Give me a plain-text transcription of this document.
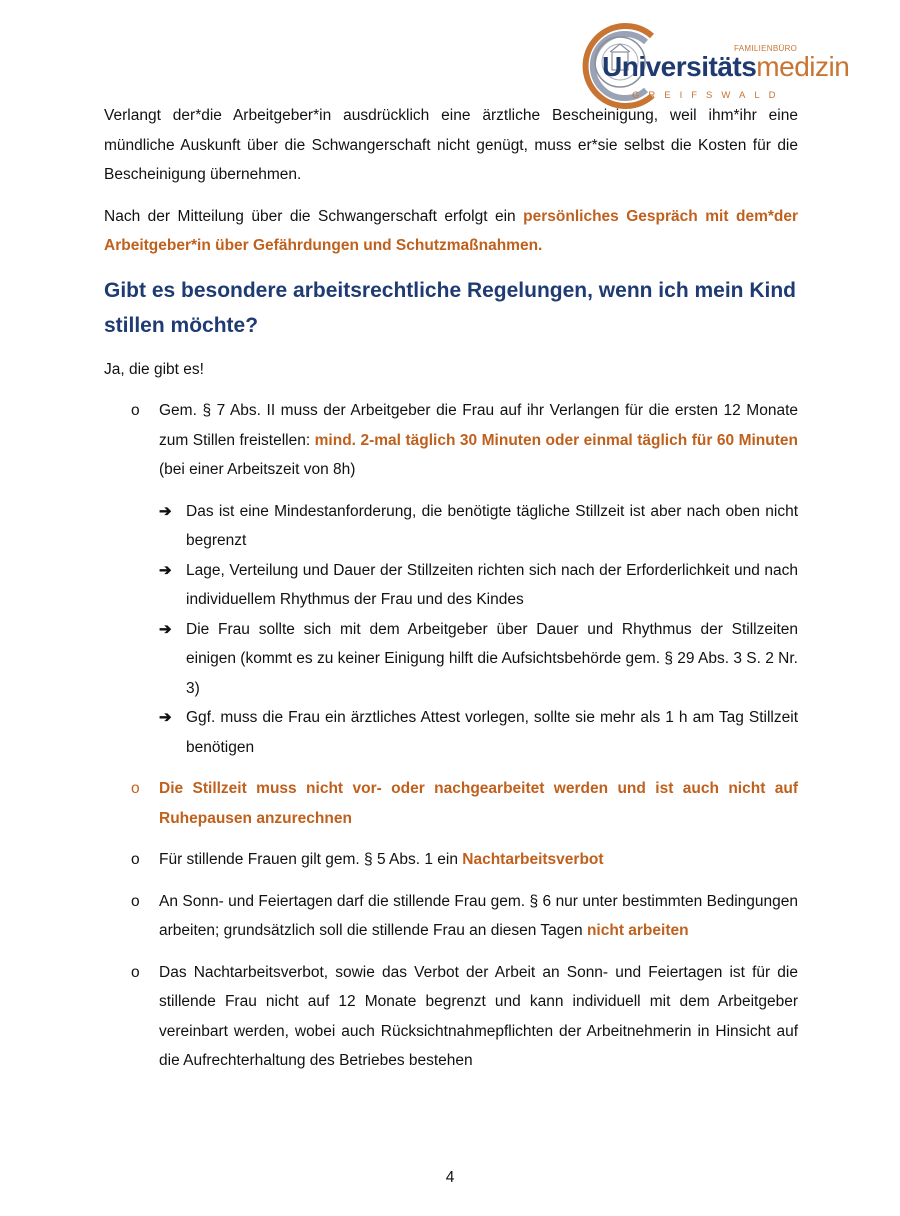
FAMILIENBÜRO
Universitätsmedizin
GREIFSWALD

Verlangt der*die Arbeitgeber*in ausdrücklich eine ärztliche Bescheinigung, weil ihm*ihr eine mündliche Auskunft über die Schwangerschaft nicht genügt, muss er*sie selbst die Kosten für die Bescheinigung übernehmen.

Nach der Mitteilung über die Schwangerschaft erfolgt ein persönliches Gespräch mit dem*der Arbeitgeber*in über Gefährdungen und Schutzmaßnahmen.

Gibt es besondere arbeitsrechtliche Regelungen, wenn ich mein Kind stillen möchte?

Ja, die gibt es!

o Gem. § 7 Abs. II muss der Arbeitgeber die Frau auf ihr Verlangen für die ersten 12 Monate zum Stillen freistellen: mind. 2-mal täglich 30 Minuten oder einmal täglich für 60 Minuten (bei einer Arbeitszeit von 8h)

➔ Das ist eine Mindestanforderung, die benötigte tägliche Stillzeit ist aber nach oben nicht begrenzt

➔ Lage, Verteilung und Dauer der Stillzeiten richten sich nach der Erforderlichkeit und nach individuellem Rhythmus der Frau und des Kindes

➔ Die Frau sollte sich mit dem Arbeitgeber über Dauer und Rhythmus der Stillzeiten einigen (kommt es zu keiner Einigung hilft die Aufsichtsbehörde gem. § 29 Abs. 3 S. 2 Nr. 3)

➔ Ggf. muss die Frau ein ärztliches Attest vorlegen, sollte sie mehr als 1 h am Tag Stillzeit benötigen

o Die Stillzeit muss nicht vor- oder nachgearbeitet werden und ist auch nicht auf Ruhepausen anzurechnen

o Für stillende Frauen gilt gem. § 5 Abs. 1 ein Nachtarbeitsverbot

o An Sonn- und Feiertagen darf die stillende Frau gem. § 6 nur unter bestimmten Bedingungen arbeiten; grundsätzlich soll die stillende Frau an diesen Tagen nicht arbeiten

o Das Nachtarbeitsverbot, sowie das Verbot der Arbeit an Sonn- und Feiertagen ist für die stillende Frau nicht auf 12 Monate begrenzt und kann individuell mit dem Arbeitgeber vereinbart werden, wobei auch Rücksichtnahmepflichten der Arbeitnehmerin in Hinsicht auf die Aufrechterhaltung des Betriebes bestehen

4
